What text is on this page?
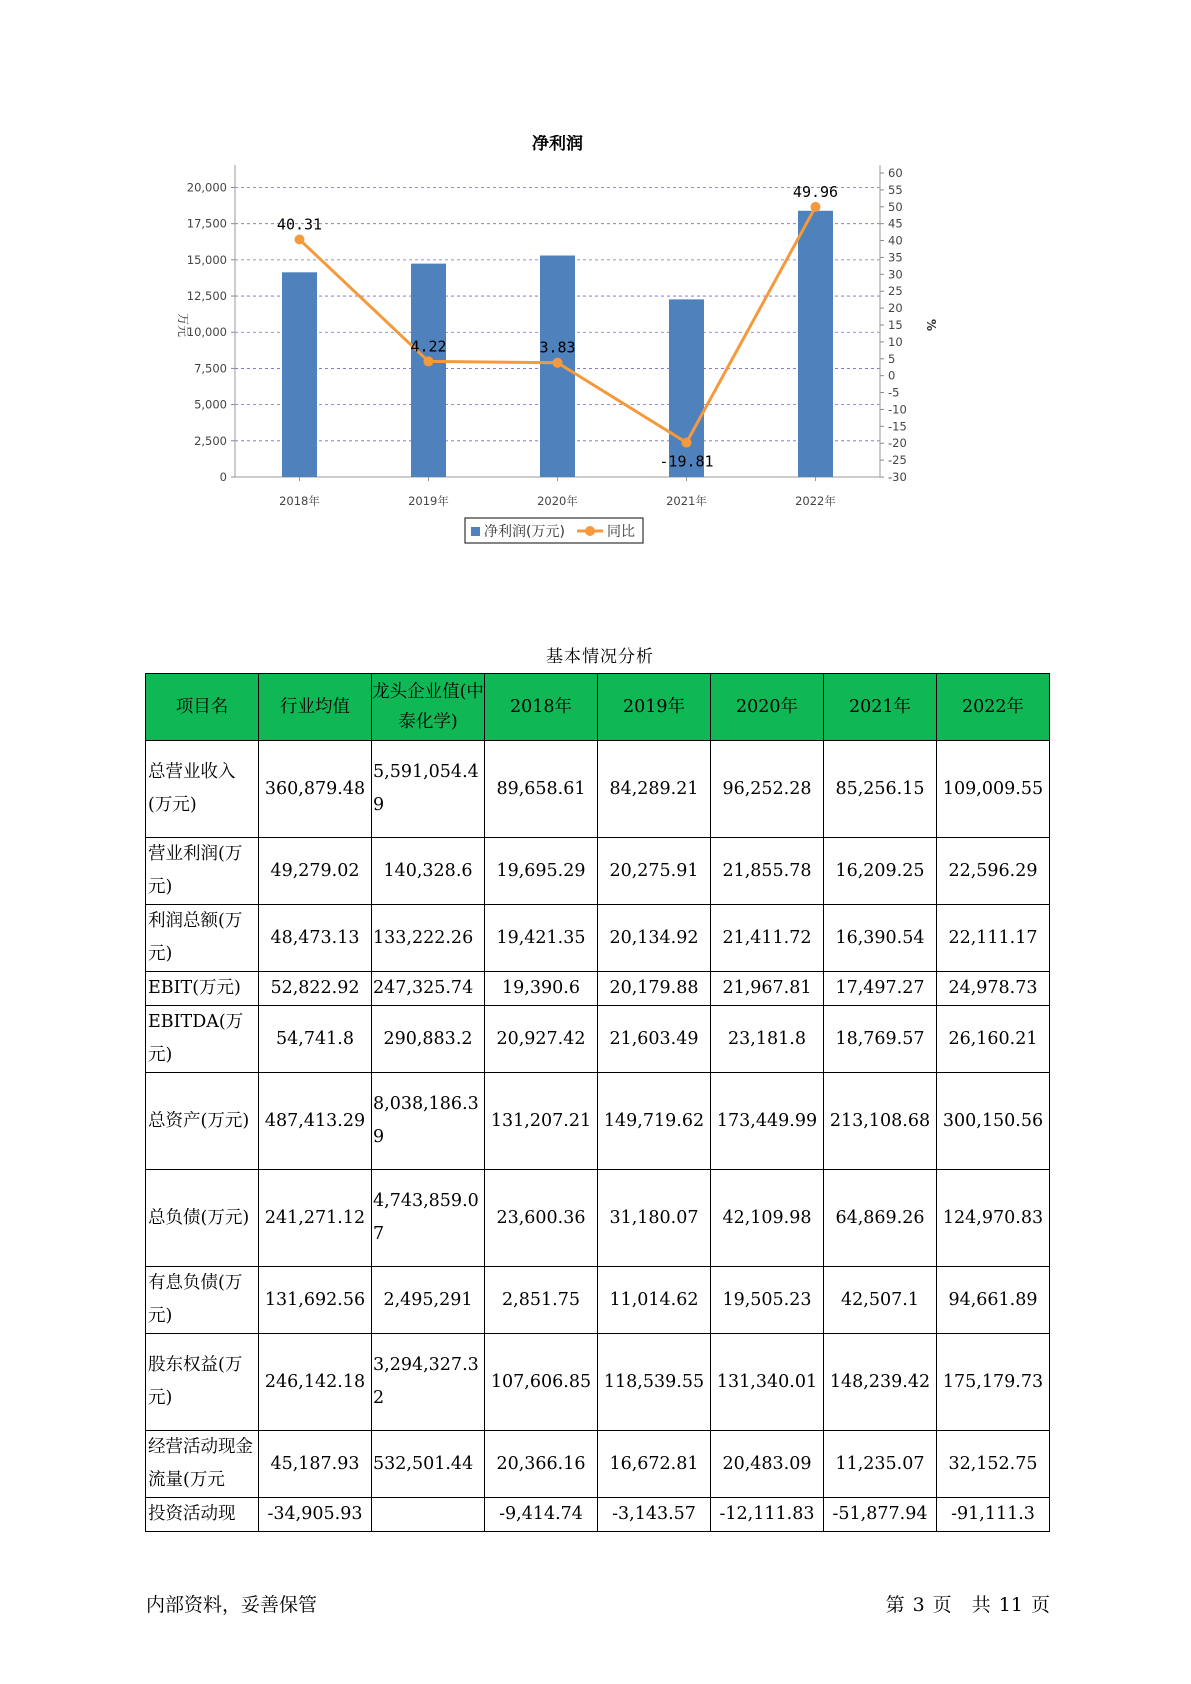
净利润
0
2,500
5,000
7,500
10,000
12,500
15,000
17,500
20,000
-30
-25
-20
-15
-10
-5
0
5
10
15
20
25
30
35
40
45
50
55
60
万元	%
2018年	2019年	2020年	2021年	2022年
40.31
4.22	3.83
-19.81
49.96
净利润(万元)	同比
基本情况分析
项目名	行业均值	龙头企业值(中泰化学)	2018年	2019年	2020年	2021年	2022年
总营业收入(万元)	360,879.48	5,591,054.49	89,658.61	84,289.21	96,252.28	85,256.15	109,009.55
营业利润(万元)	49,279.02	140,328.6	19,695.29	20,275.91	21,855.78	16,209.25	22,596.29
利润总额(万元)	48,473.13	133,222.26	19,421.35	20,134.92	21,411.72	16,390.54	22,111.17
EBIT(万元)	52,822.92	247,325.74	19,390.6	20,179.88	21,967.81	17,497.27	24,978.73
EBITDA(万元)	54,741.8	290,883.2	20,927.42	21,603.49	23,181.8	18,769.57	26,160.21
总资产(万元)	487,413.29	8,038,186.39	131,207.21	149,719.62	173,449.99	213,108.68	300,150.56
总负债(万元)	241,271.12	4,743,859.07	23,600.36	31,180.07	42,109.98	64,869.26	124,970.83
有息负债(万元)	131,692.56	2,495,291	2,851.75	11,014.62	19,505.23	42,507.1	94,661.89
股东权益(万元)	246,142.18	3,294,327.32	107,606.85	118,539.55	131,340.01	148,239.42	175,179.73
经营活动现金流量(万元	45,187.93	532,501.44	20,366.16	16,672.81	20,483.09	11,235.07	32,152.75
投资活动现	-34,905.93		-9,414.74	-3,143.57	-12,111.83	-51,877.94	-91,111.3
内部资料，妥善保管	第 3 页 共 11 页
